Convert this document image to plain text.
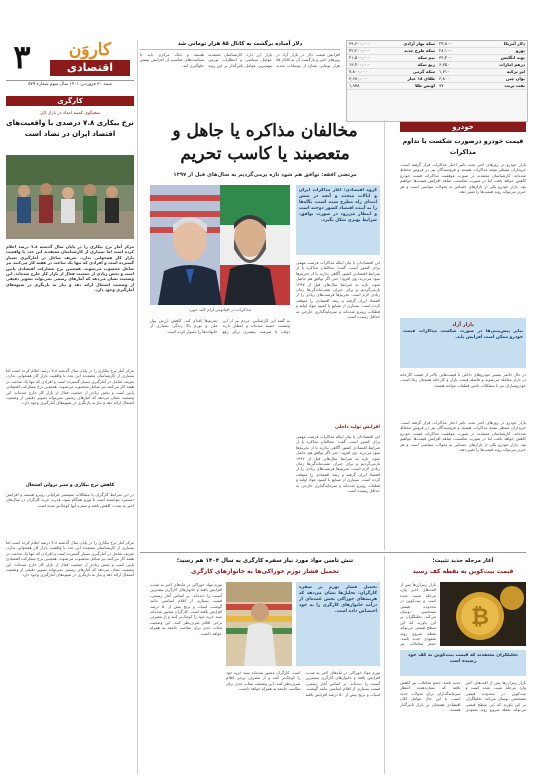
۳	کاروَن
اقتصادی
شنبه ۳۰ فروردین ۱۴۰۱ سال سوم شماره ۵۷۹
دلار آمباده برگشت به کانال ۸۵ هزار تومانی شد
افزایش قیمت دلار در بازار آزاد در روزهای اخیر و بازگشت آن به کانال ۸۵ هزار تومانی نشان از نوسانات شدید بازار ارز دارد. کارشناسان معتقدند عوامل سیاسی و انتظارات تورمی مهم‌ترین عوامل تاثیرگذار بر این روند هستند و بانک مرکزی باید با سیاست‌های مناسب از افزایش بیشتر جلوگیری کند.
دلار آمریکا	۲۴,۸۰۰
یورو	۲۸,۱۰۰
پوند انگلیس	۳۲,۴۰۰
درهم امارات	۶,۷۵۰
لیر ترکیه	۱,۷۱۰
یوان چین	۳,۸۰۰
نفت برنت	۹۷
سکه بهار آزادی	۳۹,۶۰۰,۰۰۰
سکه طرح جدید	۴۲,۲۰۰,۰۰۰
نیم سکه	۲۱,۵۰۰,۰۰۰
ربع سکه	۱۳,۴۰۰,۰۰۰
سکه گرمی	۷,۸۰۰,۰۰۰
طلای ۱۸ عیار	۳,۶۸۰,۰۰۰
اونس طلا	۱,۹۷۸
مخالفان مذاکره یا جاهل و متعصبند یا کاسب تحریم
مرتضی افقه: توافق هم شود تازه برمی‌گردیم به سال‌های قبل از ۱۳۹۷
مذاکرات در اقیانوس آرام کلید خورد
گروه اقتصادی: آغاز مذاکرات ایران و ایالات متحده و آنچه در شش ابتدای راه مطرح شده است، نگاه‌ها را به آینده اقتصاد کشور دوخته است و انتظار می‌رود در صورت توافق، شرایط بهتری شکل بگیرد.
این اقتصاددان با بیان اینکه مذاکرات فرصت مهمی برای کشور است، گفت: مخالفان مذاکره یا از شرایط اقتصادی کشور آگاهی ندارند یا از تحریم‌ها سود می‌برند. وی افزود: حتی اگر توافق هم حاصل شود، تازه به شرایط سال‌های قبل از ۱۳۹۷ بازمی‌گردیم و برای جبران عقب‌ماندگی‌ها زمان زیادی لازم است. تحریم‌ها فرصت‌های زیادی را از اقتصاد ایران گرفته و رشد اقتصادی را متوقف کرده است. بسیاری از صنایع با کمبود مواد اولیه و قطعات روبرو شده‌اند و سرمایه‌گذاری خارجی به حداقل رسیده است.
به گفته این کارشناس، مردم نیز از این وضعیت خسته شده‌اند و انتظار دارند دولت با سرعت بیشتری برای رفع تحریم‌ها اقدام کند. کاهش ارزش پول ملی و تورم بالا زندگی بسیاری از خانواده‌ها را دشوار کرده است.
افزایش تولید داخلی
این اقتصاددان با بیان اینکه مذاکرات فرصت مهمی برای کشور است، گفت: مخالفان مذاکره یا از شرایط اقتصادی کشور آگاهی ندارند یا از تحریم‌ها سود می‌برند. وی افزود: حتی اگر توافق هم حاصل شود، تازه به شرایط سال‌های قبل از ۱۳۹۷ بازمی‌گردیم و برای جبران عقب‌ماندگی‌ها زمان زیادی لازم است. تحریم‌ها فرصت‌های زیادی را از اقتصاد ایران گرفته و رشد اقتصادی را متوقف کرده است. بسیاری از صنایع با کمبود مواد اولیه و قطعات روبرو شده‌اند و سرمایه‌گذاری خارجی به حداقل رسیده است.
کارگری
سخنگوی کمیته امداد در بازار کار:
نرخ بیکاری ۷.۸ درصدی با واقعیت‌های اقتصاد ایران در تضاد است
مرکز آمار نرخ بیکاری را در پایان سال گذشته ۷.۸ درصد اعلام کرده است اما بسیاری از کارشناسان معتقدند این عدد با واقعیت بازار کار همخوانی ندارد. تعریف شاغل در آمارگیری بسیار گسترده است و افرادی که تنها یک ساعت در هفته کار می‌کنند نیز شاغل محسوب می‌شوند. همچنین نرخ مشارکت اقتصادی پایین است و بخش زیادی از جمعیت فعال از بازار کار خارج شده‌اند. این وضعیت نشان می‌دهد که آمارهای رسمی نمی‌تواند تصویر دقیقی از وضعیت اشتغال ارائه دهد و نیاز به بازنگری در شیوه‌های آمارگیری وجود دارد.
مرکز آمار نرخ بیکاری را در پایان سال گذشته ۷.۸ درصد اعلام کرده است اما بسیاری از کارشناسان معتقدند این عدد با واقعیت بازار کار همخوانی ندارد. تعریف شاغل در آمارگیری بسیار گسترده است و افرادی که تنها یک ساعت در هفته کار می‌کنند نیز شاغل محسوب می‌شوند. همچنین نرخ مشارکت اقتصادی پایین است و بخش زیادی از جمعیت فعال از بازار کار خارج شده‌اند. این وضعیت نشان می‌دهد که آمارهای رسمی نمی‌تواند تصویر دقیقی از وضعیت اشتغال ارائه دهد و نیاز به بازنگری در شیوه‌های آمارگیری وجود دارد.
کاهش نرخ بیکاری و سیر نزولی اشتغال
در این شرایط کارگران با مشکلات معیشتی فراوانی روبرو هستند و افزایش دستمزد نتوانسته است با تورم همگام شود. قدرت خرید کارگران در سال‌های اخیر به شدت کاهش یافته و سفره آنها کوچک‌تر شده است.
مرکز آمار نرخ بیکاری را در پایان سال گذشته ۷.۸ درصد اعلام کرده است اما بسیاری از کارشناسان معتقدند این عدد با واقعیت بازار کار همخوانی ندارد. تعریف شاغل در آمارگیری بسیار گسترده است و افرادی که تنها یک ساعت در هفته کار می‌کنند نیز شاغل محسوب می‌شوند. همچنین نرخ مشارکت اقتصادی پایین است و بخش زیادی از جمعیت فعال از بازار کار خارج شده‌اند. این وضعیت نشان می‌دهد که آمارهای رسمی نمی‌تواند تصویر دقیقی از وضعیت اشتغال ارائه دهد و نیاز به بازنگری در شیوه‌های آمارگیری وجود دارد.
خودرو
قیمت خودرو درصورت شکست یا تداوم مذاکرات
بازار خودرو در روزهای اخیر تحت تاثیر اخبار مذاکرات قرار گرفته است. خریداران منتظر نتیجه مذاکرات هستند و فروشندگان نیز در فروش محتاط شده‌اند. کارشناسان معتقدند در صورت موفقیت مذاکرات قیمت خودرو کاهش خواهد یافت اما در صورت شکست، شاهد افزایش قیمت‌ها خواهیم بود. بازار خودرو یکی از بازارهای حساس به تحولات سیاسی است و هر خبری می‌تواند روند قیمت‌ها را تغییر دهد.
بازار آزاد
بنابر پیش‌بینی‌ها در صورت شکست مذاکرات قیمت خودرو ممکن است افزایش یابد.
در حال حاضر بیشتر خودروهای داخلی با قیمت‌هایی بالاتر از قیمت کارخانه در بازار معامله می‌شوند و فاصله قیمت بازار و کارخانه همچنان زیاد است. خودروسازان نیز با مشکلات تامین قطعات مواجه هستند.
بازار خودرو در روزهای اخیر تحت تاثیر اخبار مذاکرات قرار گرفته است. خریداران منتظر نتیجه مذاکرات هستند و فروشندگان نیز در فروش محتاط شده‌اند. کارشناسان معتقدند در صورت موفقیت مذاکرات قیمت خودرو کاهش خواهد یافت اما در صورت شکست، شاهد افزایش قیمت‌ها خواهیم بود. بازار خودرو یکی از بازارهای حساس به تحولات سیاسی است و هر خبری می‌تواند روند قیمت‌ها را تغییر دهد.
تنش تامین مواد مورد نیاز سفره کارگری به سال ۱۴۰۴ هم رسید؛
تحمیل فشار تورم خوراکی‌ها به خانوارهای کارگری
تحمیل فشار تورم بر سفره کارگران: تحلیل‌ها نشان می‌دهد که هزینه‌های خوراکی بخش عمده‌ای از درآمد خانوارهای کارگری را به خود اختصاص داده است.
تورم مواد خوراکی در ماه‌های اخیر به شدت افزایش یافته و خانوارهای کارگری بیشترین آسیب را دیده‌اند. بر اساس آمار رسمی، قیمت بسیاری از اقلام اساسی مانند گوشت، لبنیات و برنج بیش از ۵۰ درصد افزایش یافته است. کارگران مجبور شده‌اند سبد خرید خود را کوچک‌تر کنند و از مصرف برخی اقلام صرف‌نظر کنند. این وضعیت تبعات جدی برای سلامت جامعه به همراه خواهد داشت.
تورم مواد خوراکی در ماه‌های اخیر به شدت افزایش یافته و خانوارهای کارگری بیشترین آسیب را دیده‌اند. بر اساس آمار رسمی، قیمت بسیاری از اقلام اساسی مانند گوشت، لبنیات و برنج بیش از ۵۰ درصد افزایش یافته است. کارگران مجبور شده‌اند سبد خرید خود را کوچک‌تر کنند و از مصرف برخی اقلام صرف‌نظر کنند. این وضعیت تبعات جدی برای سلامت جامعه به همراه خواهد داشت.
آغاز مرحله جدید تثبیت؛
قیمت بیت‌کوین به نقطه کف رسید
₿
تحلیلگران معتقدند که قیمت بیت‌کوین به کف خود رسیده است
بازار رمزارزها پس از افت‌های اخیر وارد مرحله تثبیت شده است و بیت‌کوین در محدوده قیمتی مشخصی نوسان می‌کند. تحلیلگران بر این باورند که این سطح قیمتی می‌تواند نقطه شروع روند صعودی جدید باشد. حجم معاملات نیز
بازار رمزارزها پس از افت‌های اخیر وارد مرحله تثبیت شده است و بیت‌کوین در محدوده قیمتی مشخصی نوسان می‌کند. تحلیلگران بر این باورند که این سطح قیمتی می‌تواند نقطه شروع روند صعودی جدید باشد. حجم معاملات نیز کاهش یافته که نشان‌دهنده انتظار سرمایه‌گذاران برای تحولات جدید است. با این حال عوامل کلان اقتصادی همچنان بر بازار تاثیرگذار هستند.
